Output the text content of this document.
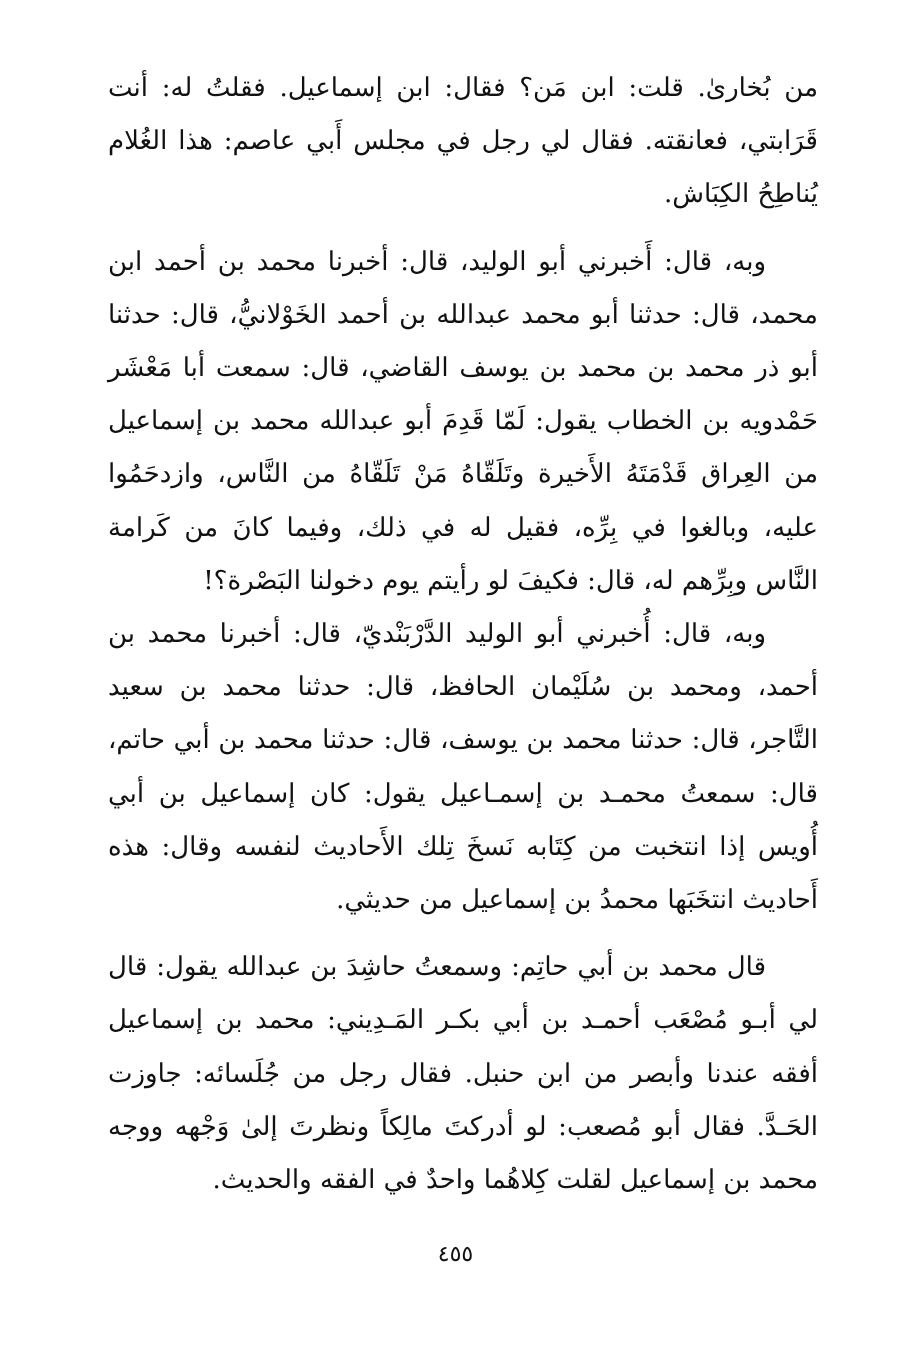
من بُخارىٰ. قلت: ابن مَن؟ فقال: ابن إسماعيل. فقلتُ له: أنت قَرَابتي، فعانقته. فقال لي رجل في مجلس أَبي عاصم: هذا الغُلام يُناطِحُ الكِبَاش.

وبه، قال: أَخبرني أبو الوليد، قال: أخبرنا محمد بن أحمد ابن محمد، قال: حدثنا أبو محمد عبدالله بن أحمد الخَوْلانيُّ، قال: حدثنا أبو ذر محمد بن محمد بن يوسف القاضي، قال: سمعت أبا مَعْشَر حَمْدويه بن الخطاب يقول: لَمّا قَدِمَ أبو عبدالله محمد بن إسماعيل من العِراق قَدْمَتَهُ الأَخيرة وتَلَقّاهُ مَنْ تَلَقّاهُ من النَّاس، وازدحَمُوا عليه، وبالغوا في بِرِّه، فقيل له في ذلك، وفيما كانَ من كَرامة النَّاس وبِرِّهم له، قال: فكيفَ لو رأيتم يوم دخولنا البَصْرة؟!

وبه، قال: أُخبرني أبو الوليد الدَّرْبَنْديّ، قال: أخبرنا محمد بن أحمد، ومحمد بن سُلَيْمان الحافظ، قال: حدثنا محمد بن سعيد التَّاجر، قال: حدثنا محمد بن يوسف، قال: حدثنا محمد بن أبي حاتم، قال: سمعتُ محمـد بن إسمـاعيل يقول: كان إسماعيل بن أبي أُويس إذا انتخبت من كِتَابه نَسخَ تِلك الأَحاديث لنفسه وقال: هذه أَحاديث انتخَبَها محمدُ بن إسماعيل من حديثي.

قال محمد بن أبي حاتِم: وسمعتُ حاشِدَ بن عبدالله يقول: قال لي أبـو مُصْعَب أحمـد بن أبي بكـر المَـدِيني: محمد بن إسماعيل أفقه عندنا وأبصر من ابن حنبل. فقال رجل من جُلَسائه: جاوزت الحَـدَّ. فقال أبو مُصعب: لو أدركتَ مالِكاً ونظرتَ إلىٰ وَجْهه ووجه محمد بن إسماعيل لقلت كِلاهُما واحدٌ في الفقه والحديث.

٤٥٥
